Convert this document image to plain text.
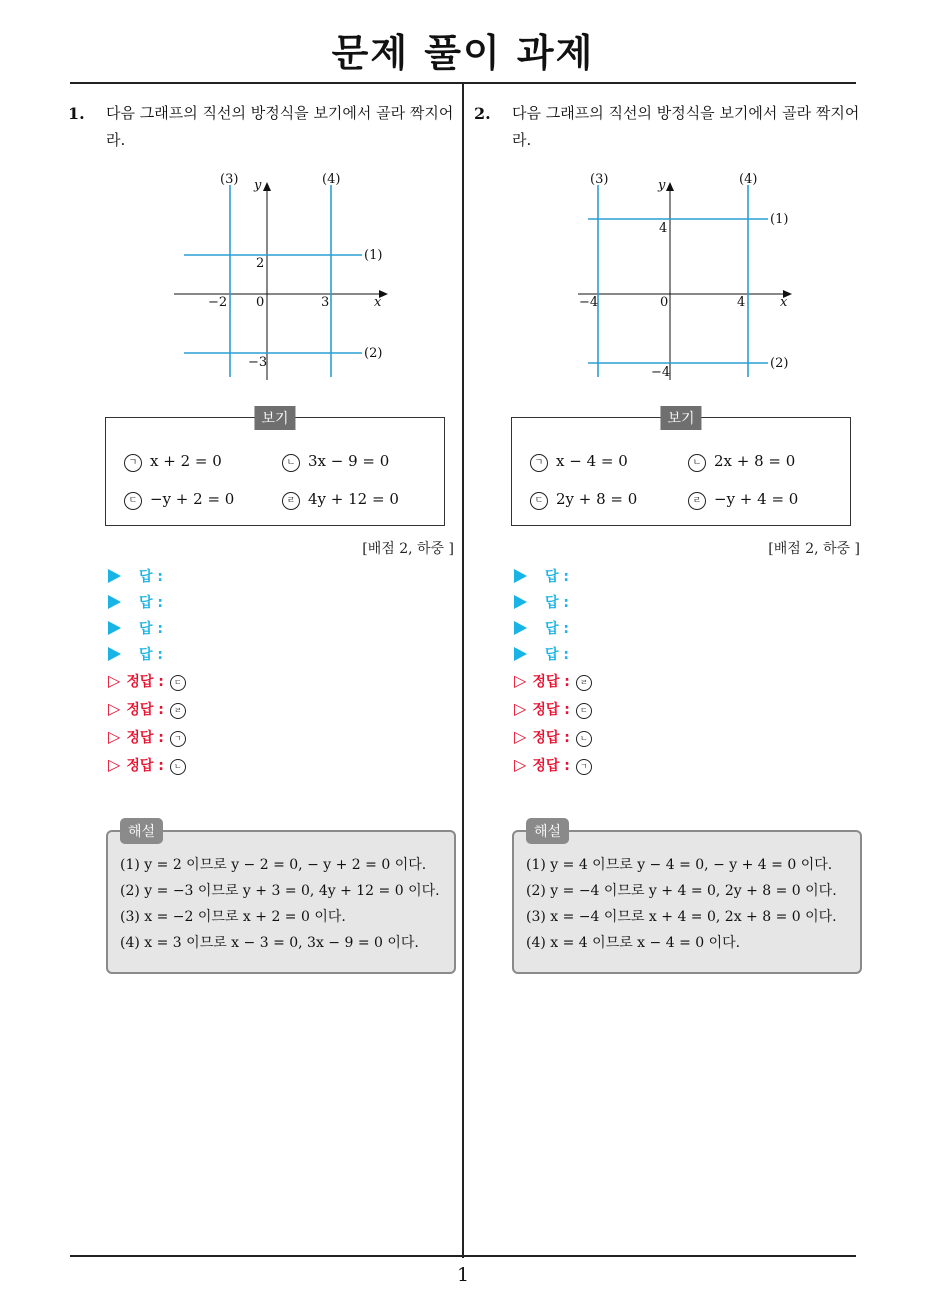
문제 풀이 과제
1.	다음 그래프의 직선의 방정식을 보기에서 골라 짝지어
라.
(1)
(2)
(3)	(4)
y
x
0
−2	3
2
−3
보기
ㄱ x + 2 = 0	ㄴ 3x − 9 = 0
ㄷ −y + 2 = 0	ㄹ 4y + 12 = 0
[배점 2, 하중 ]
답 :
답 :
답 :
답 :
▷ 정답 : ㄷ
▷ 정답 : ㄹ
▷ 정답 : ㄱ
▷ 정답 : ㄴ
해설
(1) y = 2 이므로 y − 2 = 0, − y + 2 = 0 이다.
(2) y = −3 이므로 y + 3 = 0, 4y + 12 = 0 이다.
(3) x = −2 이므로 x + 2 = 0 이다.
(4) x = 3 이므로 x − 3 = 0, 3x − 9 = 0 이다.
2.	다음 그래프의 직선의 방정식을 보기에서 골라 짝지어
라.
(1)
(2)
(3)	(4)
y
x
0
−4	4
4
−4
보기
ㄱ x − 4 = 0	ㄴ 2x + 8 = 0
ㄷ 2y + 8 = 0	ㄹ −y + 4 = 0
[배점 2, 하중 ]
답 :
답 :
답 :
답 :
▷ 정답 : ㄹ
▷ 정답 : ㄷ
▷ 정답 : ㄴ
▷ 정답 : ㄱ
해설
(1) y = 4 이므로 y − 4 = 0, − y + 4 = 0 이다.
(2) y = −4 이므로 y + 4 = 0, 2y + 8 = 0 이다.
(3) x = −4 이므로 x + 4 = 0, 2x + 8 = 0 이다.
(4) x = 4 이므로 x − 4 = 0 이다.
1
